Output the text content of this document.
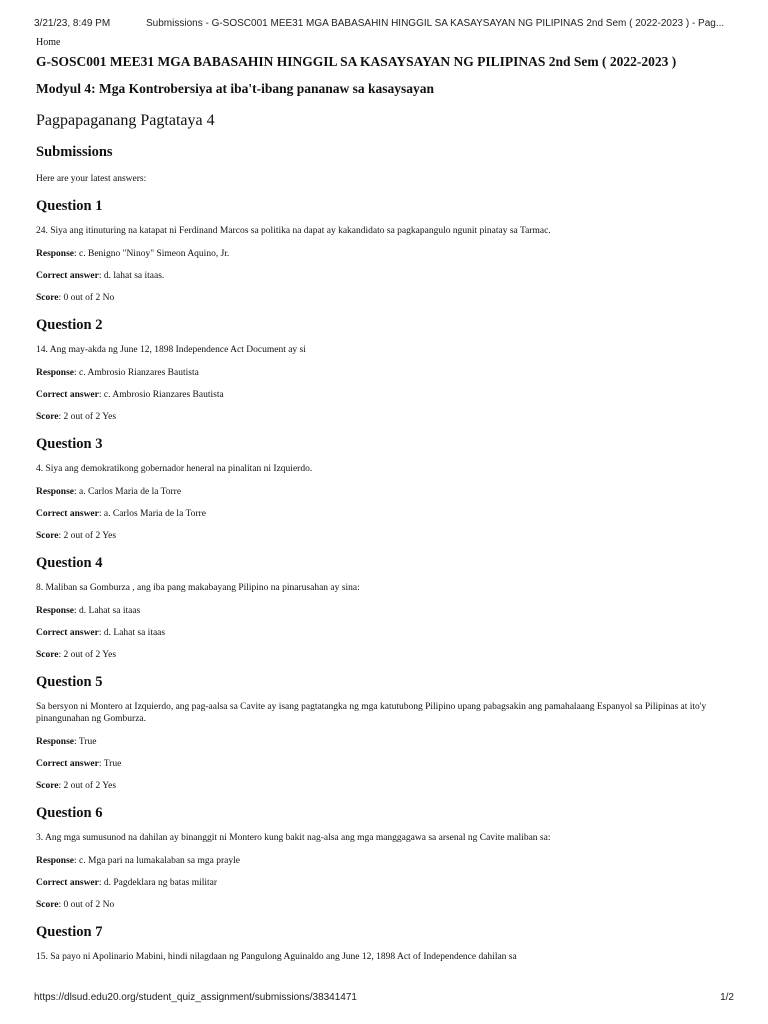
3/21/23, 8:49 PM	Submissions - G-SOSC001 MEE31 MGA BABASAHIN HINGGIL SA KASAYSAYAN NG PILIPINAS 2nd Sem ( 2022-2023 ) - Pag...
Home
G-SOSC001 MEE31 MGA BABASAHIN HINGGIL SA KASAYSAYAN NG PILIPINAS 2nd Sem ( 2022-2023 )
Modyul 4: Mga Kontrobersiya at iba't-ibang pananaw sa kasaysayan
Pagpapaganang Pagtataya 4
Submissions

Here are your latest answers:

Question 1

24. Siya ang itinuturing na katapat ni Ferdinand Marcos sa politika na dapat ay kakandidato sa pagkapangulo ngunit pinatay sa Tarmac.

Response: c. Benigno "Ninoy" Simeon Aquino, Jr.

Correct answer: d. lahat sa itaas.

Score: 0 out of 2 No

Question 2

14. Ang may-akda ng June 12, 1898 Independence Act Document ay si

Response: c. Ambrosio Rianzares Bautista

Correct answer: c. Ambrosio Rianzares Bautista

Score: 2 out of 2 Yes

Question 3

4. Siya ang demokratikong gobernador heneral na pinalitan ni Izquierdo.

Response: a. Carlos Maria de la Torre

Correct answer: a. Carlos Maria de la Torre

Score: 2 out of 2 Yes

Question 4

8. Maliban sa Gomburza , ang iba pang makabayang Pilipino na pinarusahan ay sina:

Response: d. Lahat sa itaas

Correct answer: d. Lahat sa itaas

Score: 2 out of 2 Yes

Question 5

Sa bersyon ni Montero at Izquierdo, ang pag-aalsa sa Cavite ay isang pagtatangka ng mga katutubong Pilipino upang pabagsakin ang pamahalaang Espanyol sa Pilipinas at ito'y pinangunahan ng Gomburza.

Response: True

Correct answer: True

Score: 2 out of 2 Yes

Question 6

3. Ang mga sumusunod na dahilan ay binanggit ni Montero kung bakit nag-alsa ang mga manggagawa sa arsenal ng Cavite maliban sa:

Response: c. Mga pari na lumakalaban sa mga prayle

Correct answer: d. Pagdeklara ng batas militar

Score: 0 out of 2 No

Question 7

15. Sa payo ni Apolinario Mabini, hindi nilagdaan ng Pangulong Aguinaldo ang June 12, 1898 Act of Independence dahilan sa

https://dlsud.edu20.org/student_quiz_assignment/submissions/38341471	1/2
